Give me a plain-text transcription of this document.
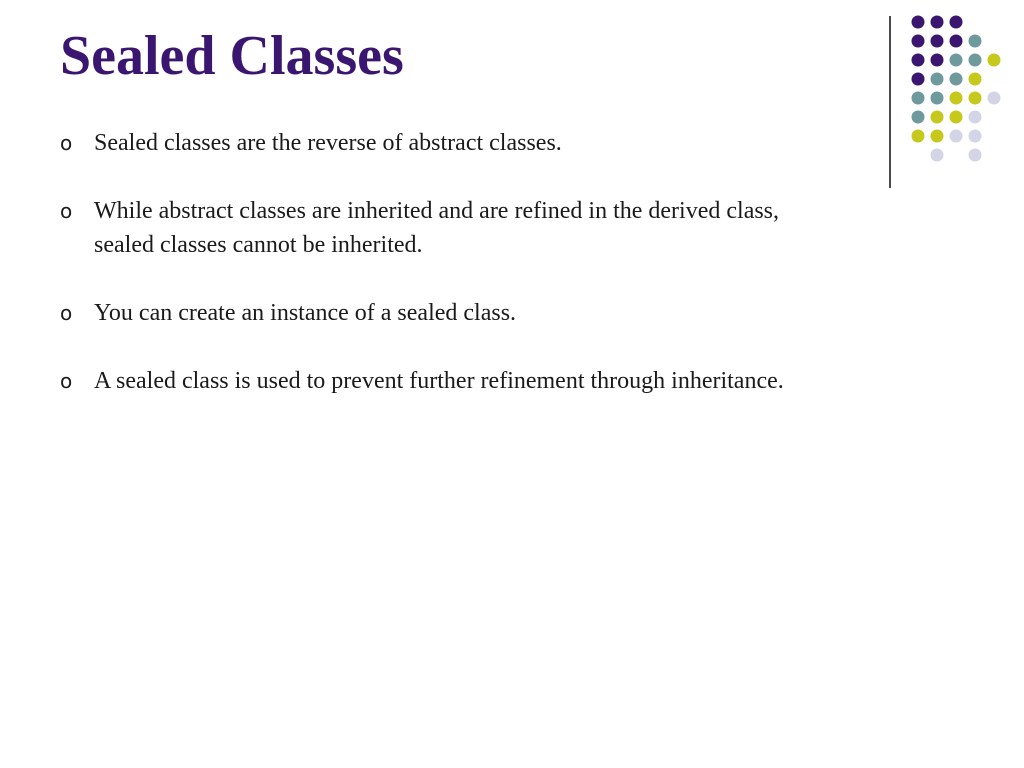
Sealed Classes
o Sealed classes are the reverse of abstract classes.
o While abstract classes are inherited and are refined in the derived class, sealed classes cannot be inherited.
o You can create an instance of a sealed class.
o A sealed class is used to prevent further refinement through inheritance.
